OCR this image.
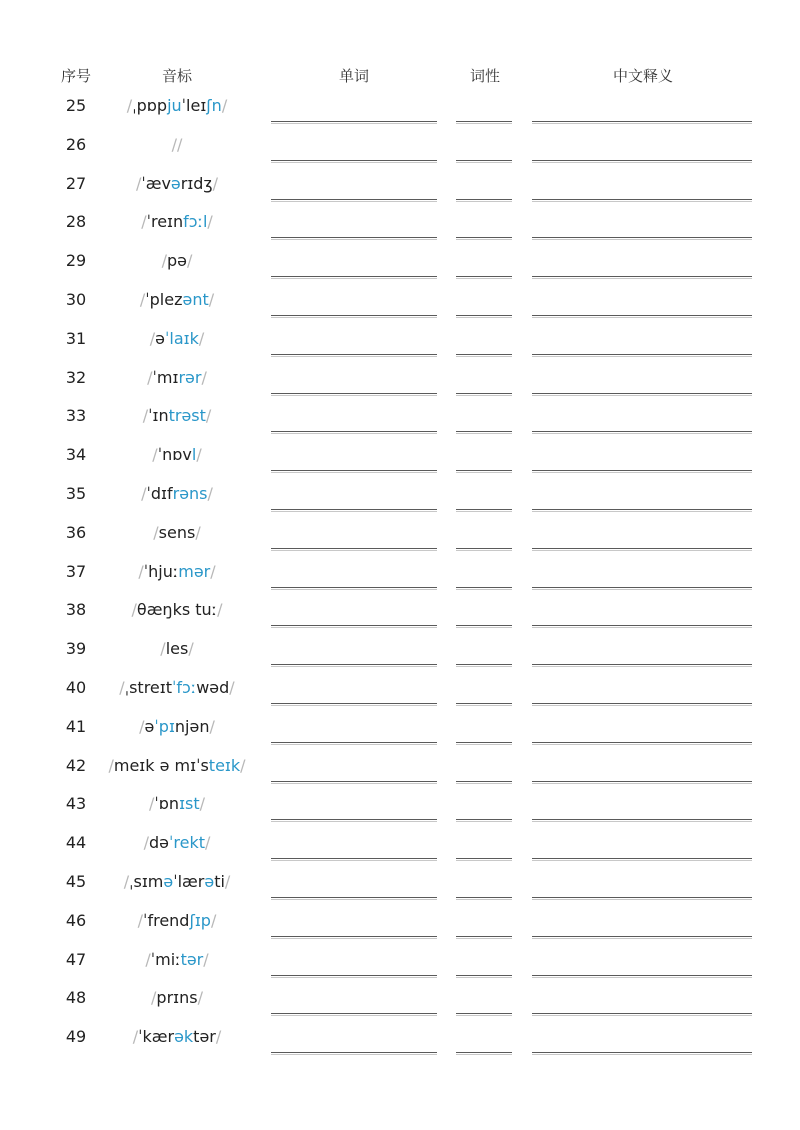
序号	音标	单词	词性	中文释义
25	/ˌpɒpjuˈleɪʃn/
26	//
27	/ˈævərɪdʒ/
28	/ˈreɪnfɔːl/
29	/pə/
30	/ˈplezənt/
31	/əˈlaɪk/
32	/ˈmɪrər/
33	/ˈɪntrəst/
34	/ˈnɒvl/
35	/ˈdɪfrəns/
36	/sens/
37	/ˈhjuːmər/
38	/θæŋks tuː/
39	/les/
40 /ˌstreɪtˈfɔːwəd/
41	/əˈpɪnjən/
42 /meɪk ə mɪˈsteɪk/
43	/ˈɒnɪst/
44	/dəˈrekt/
45 /ˌsɪməˈlærəti/
46	/ˈfrendʃɪp/
47	/ˈmiːtər/
48	/prɪns/
49	/ˈkærəktər/
